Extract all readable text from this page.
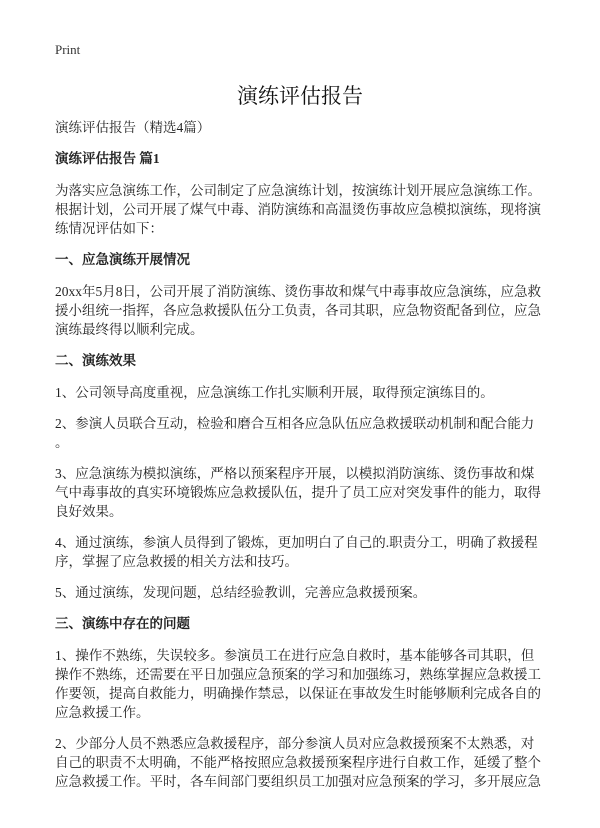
Print
演练评估报告
演练评估报告（精选4篇）
演练评估报告 篇1
为落实应急演练工作，公司制定了应急演练计划，按演练计划开展应急演练工作。
根据计划，公司开展了煤气中毒、消防演练和高温烫伤事故应急模拟演练，现将演
练情况评估如下：
一、应急演练开展情况
20xx年5月8日，公司开展了消防演练、烫伤事故和煤气中毒事故应急演练，应急救
援小组统一指挥，各应急救援队伍分工负责，各司其职，应急物资配备到位，应急
演练最终得以顺利完成。
二、演练效果
1、公司领导高度重视，应急演练工作扎实顺利开展，取得预定演练目的。
2、参演人员联合互动，检验和磨合互相各应急队伍应急救援联动机制和配合能力
。
3、应急演练为模拟演练，严格以预案程序开展，以模拟消防演练、烫伤事故和煤
气中毒事故的真实环境锻炼应急救援队伍，提升了员工应对突发事件的能力，取得
良好效果。
4、通过演练，参演人员得到了锻炼，更加明白了自己的.职责分工，明确了救援程
序，掌握了应急救援的相关方法和技巧。
5、通过演练，发现问题，总结经验教训，完善应急救援预案。
三、演练中存在的问题
1、操作不熟练，失误较多。参演员工在进行应急自救时，基本能够各司其职，但
操作不熟练，还需要在平日加强应急预案的学习和加强练习，熟练掌握应急救援工
作要领，提高自救能力，明确操作禁忌，以保证在事故发生时能够顺利完成各自的
应急救援工作。
2、少部分人员不熟悉应急救援程序，部分参演人员对应急救援预案不太熟悉，对
自己的职责不太明确，不能严格按照应急救援预案程序进行自救工作，延缓了整个
应急救援工作。平时，各车间部门要组织员工加强对应急预案的学习，多开展应急
